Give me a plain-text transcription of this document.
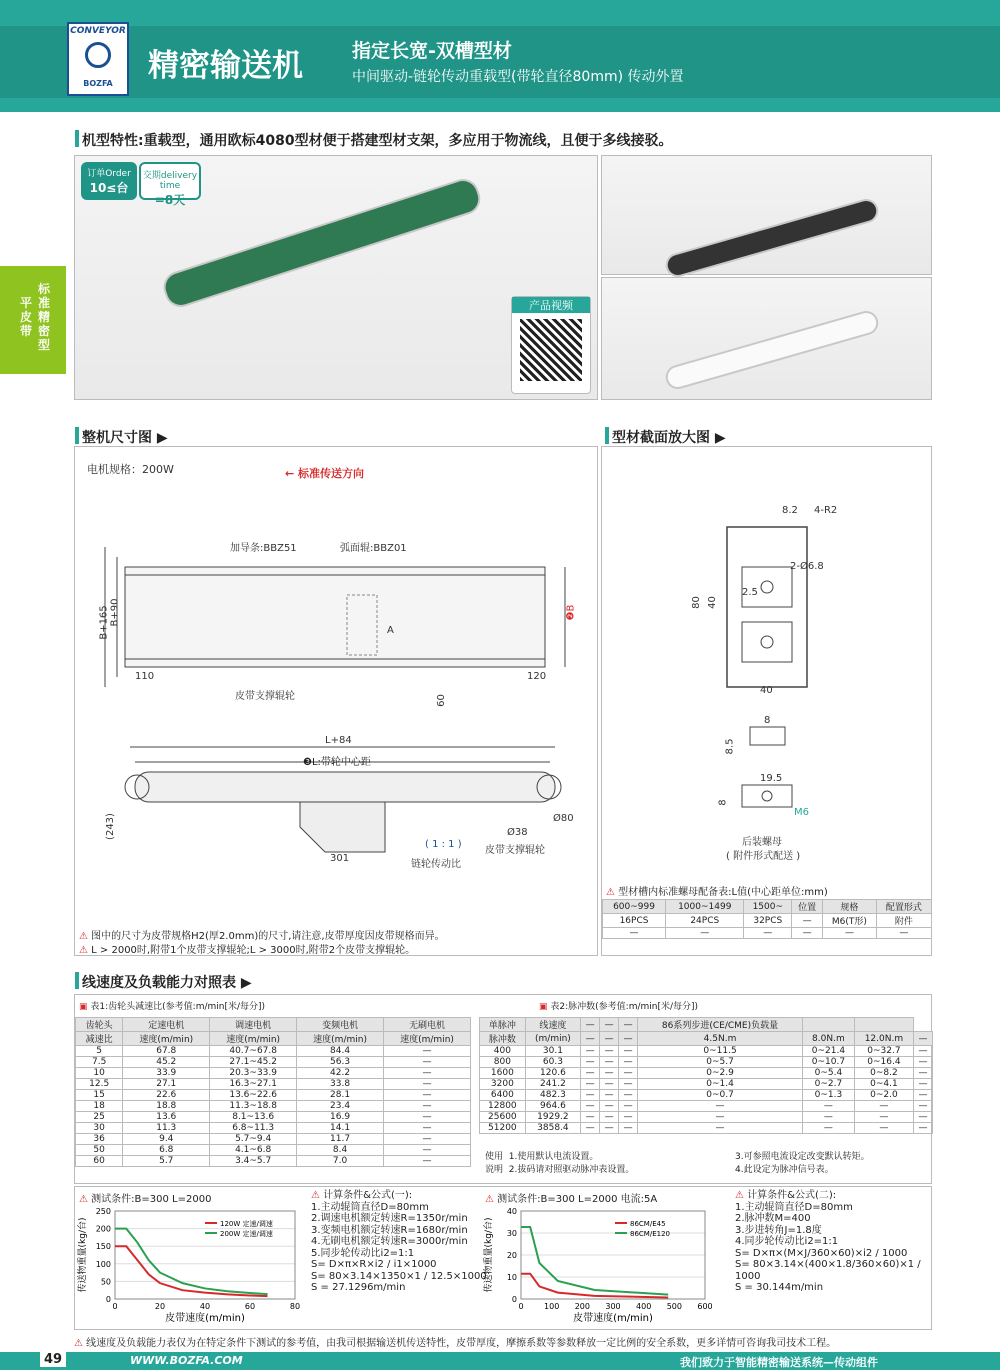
CONVEYOR
BOZFA	精密输送机	指定长宽-双槽型材
中间驱动-链轮传动重载型(带轮直径80mm) 传动外置
标准精密型
平皮带
机型特性:重载型，通用欧标4080型材便于搭建型材支架，多应用于物流线，且便于多线接驳。
订单Order
10≤台
交期delivery time
=8天
产品视频
整机尺寸图 ▶
电机规格：200W	← 标准传送方向
加导条:BBZ51	弧面辊:BBZ01
B+165 B+90	❷B
A
110	120
60
皮带支撑辊轮
L+84
❸L:带轮中心距
(243)	Ø80
Ø38
皮带支撑辊轮
( 1 : 1 )
链轮传动比
301
⚠ 图中的尺寸为皮带规格H2(厚2.0mm)的尺寸,请注意,皮带厚度因皮带规格而异。
⚠ L > 2000时,附带1个皮带支撑辊轮;L > 3000时,附带2个皮带支撑辊轮。
型材截面放大图 ▶
8.2 4-R2
2-Ø6.8
2.5
80 40
40
8
8.5
19.5
8
M6
后装螺母
( 附件形式配送 )
⚠ 型材槽内标准螺母配备表:L值(中心距单位:mm)
600~999	1000~1499	1500~	位置	规格	配置形式
16PCS	24PCS	32PCS	—	M6(T形)	附件
—	—	—	—	—	—
线速度及负载能力对照表 ▶
▣ 表1:齿轮头减速比(参考值:m/min[米/每分])
齿轮头	定速电机	调速电机	变频电机	无刷电机
减速比	速度(m/min)	速度(m/min)	速度(m/min)	速度(m/min)
5	67.8	40.7~67.8	84.4	—
7.5	45.2	27.1~45.2	56.3	—
10	33.9	20.3~33.9	42.2	—
12.5	27.1	16.3~27.1	33.8	—
15	22.6	13.6~22.6	28.1	—
18	18.8	11.3~18.8	23.4	—
25	13.6	8.1~13.6	16.9	—
30	11.3	6.8~11.3	14.1	—
36	9.4	5.7~9.4	11.7	—
50	6.8	4.1~6.8	8.4	—
60	5.7	3.4~5.7	7.0	—
▣ 表2:脉冲数(参考值:m/min[米/每分])
单脉冲	线速度	—	—	—	86系列步进(CE/CME)负载量			
脉冲数	(m/min)	—	—	—	4.5N.m	8.0N.m	12.0N.m	—
400	30.1	—	—	—	0~11.5	0~21.4	0~32.7	—
800	60.3	—	—	—	0~5.7	0~10.7	0~16.4	—
1600	120.6	—	—	—	0~2.9	0~5.4	0~8.2	—
3200	241.2	—	—	—	0~1.4	0~2.7	0~4.1	—
6400	482.3	—	—	—	0~0.7	0~1.3	0~2.0	—
12800	964.6	—	—	—	—	—	—	—
25600	1929.2	—	—	—	—	—	—	—
51200	3858.4	—	—	—	—	—	—	—
使用 1.使用默认电流设置。
说明 2.拔码请对照驱动脉冲表设置。
3.可参照电流设定改变默认转矩。
4.此设定为脉冲信号表。
⚠ 测试条件:B=300 L=2000
0
50
100
150
200
250
0	20	40	60	80
皮带速度(m/min)
传送物重量(kg/台)	120W 定速/调速
200W 定速/调速
⚠ 计算条件&公式(一):
1.主动辊筒直径D=80mm
2.调速电机额定转速R=1350r/min
3.变频电机额定转速R=1680r/min
4.无刷电机额定转速R=3000r/min
5.同步轮传动比i2=1:1
S= D×π×R×i2 / i1×1000
S= 80×3.14×1350×1 / 12.5×1000
S = 27.1296m/min
⚠ 测试条件:B=300 L=2000 电流:5A
0
10
20
30
40
0	100 200 300 400 500 600
皮带速度(m/min)
传送物重量(kg/台)	86CM/E45
86CM/E120
⚠ 计算条件&公式(二):
1.主动辊筒直径D=80mm
2.脉冲数M=400
3.步进转角J=1.8度
4.同步轮传动比i2=1:1
S= D×π×(M×J/360×60)×i2 / 1000
S= 80×3.14×(400×1.8/360×60)×1 / 1000
S = 30.144m/min
⚠ 线速度及负载能力表仅为在特定条件下测试的参考值，由我司根据输送机传送特性，皮带厚度，摩擦系数等参数释放一定比例的安全系数，更多详情可咨询我司技术工程。
49	WWW.BOZFA.COM	我们致力于智能精密输送系统—传动组件
